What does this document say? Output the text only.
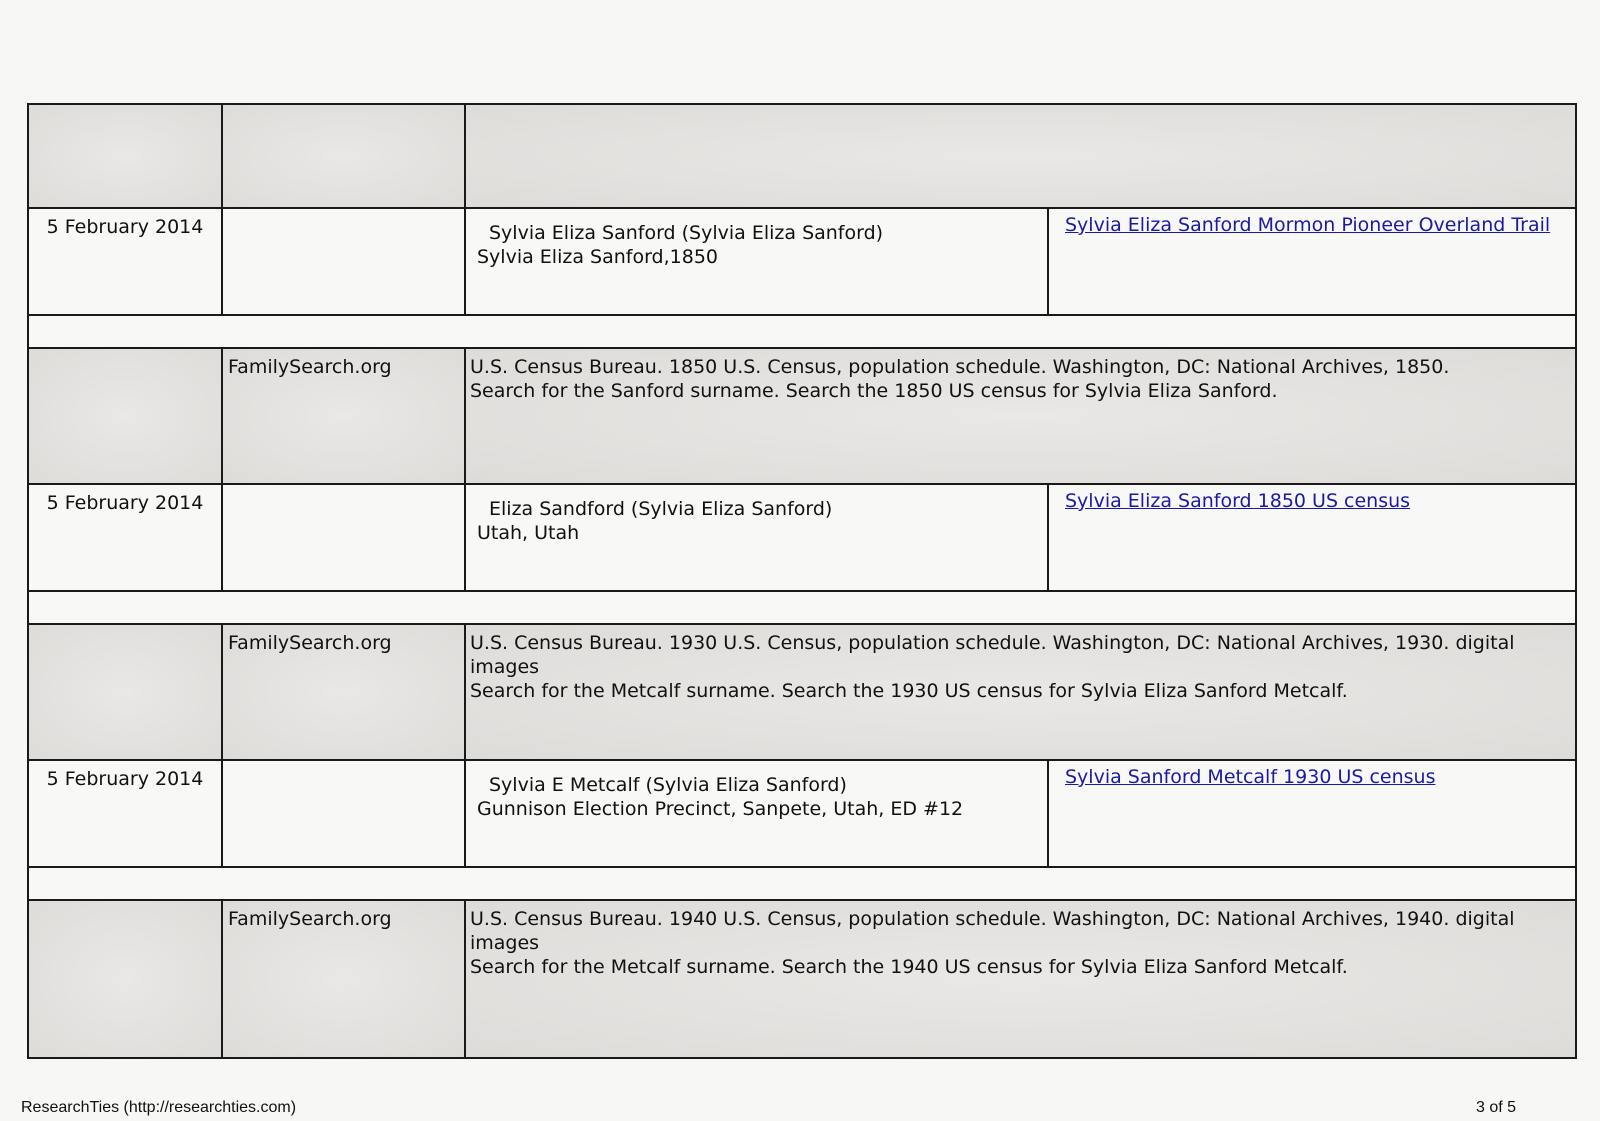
5 February 2014		Sylvia Eliza Sanford (Sylvia Eliza Sanford)
Sylvia Eliza Sanford,1850	Sylvia Eliza Sanford Mormon Pioneer Overland Trail

	FamilySearch.org	U.S. Census Bureau. 1850 U.S. Census, population schedule. Washington, DC: National Archives, 1850.
Search for the Sanford surname. Search the 1850 US census for Sylvia Eliza Sanford.	

5 February 2014		Eliza Sandford (Sylvia Eliza Sanford)
Utah, Utah	Sylvia Eliza Sanford 1850 US census

	FamilySearch.org	U.S. Census Bureau. 1930 U.S. Census, population schedule. Washington, DC: National Archives, 1930. digital images
Search for the Metcalf surname. Search the 1930 US census for Sylvia Eliza Sanford Metcalf.	

5 February 2014		Sylvia E Metcalf (Sylvia Eliza Sanford)
Gunnison Election Precinct, Sanpete, Utah, ED #12	Sylvia Sanford Metcalf 1930 US census

	FamilySearch.org	U.S. Census Bureau. 1940 U.S. Census, population schedule. Washington, DC: National Archives, 1940. digital images
Search for the Metcalf surname. Search the 1940 US census for Sylvia Eliza Sanford Metcalf.	
ResearchTies (http://researchties.com)	3 of 5
